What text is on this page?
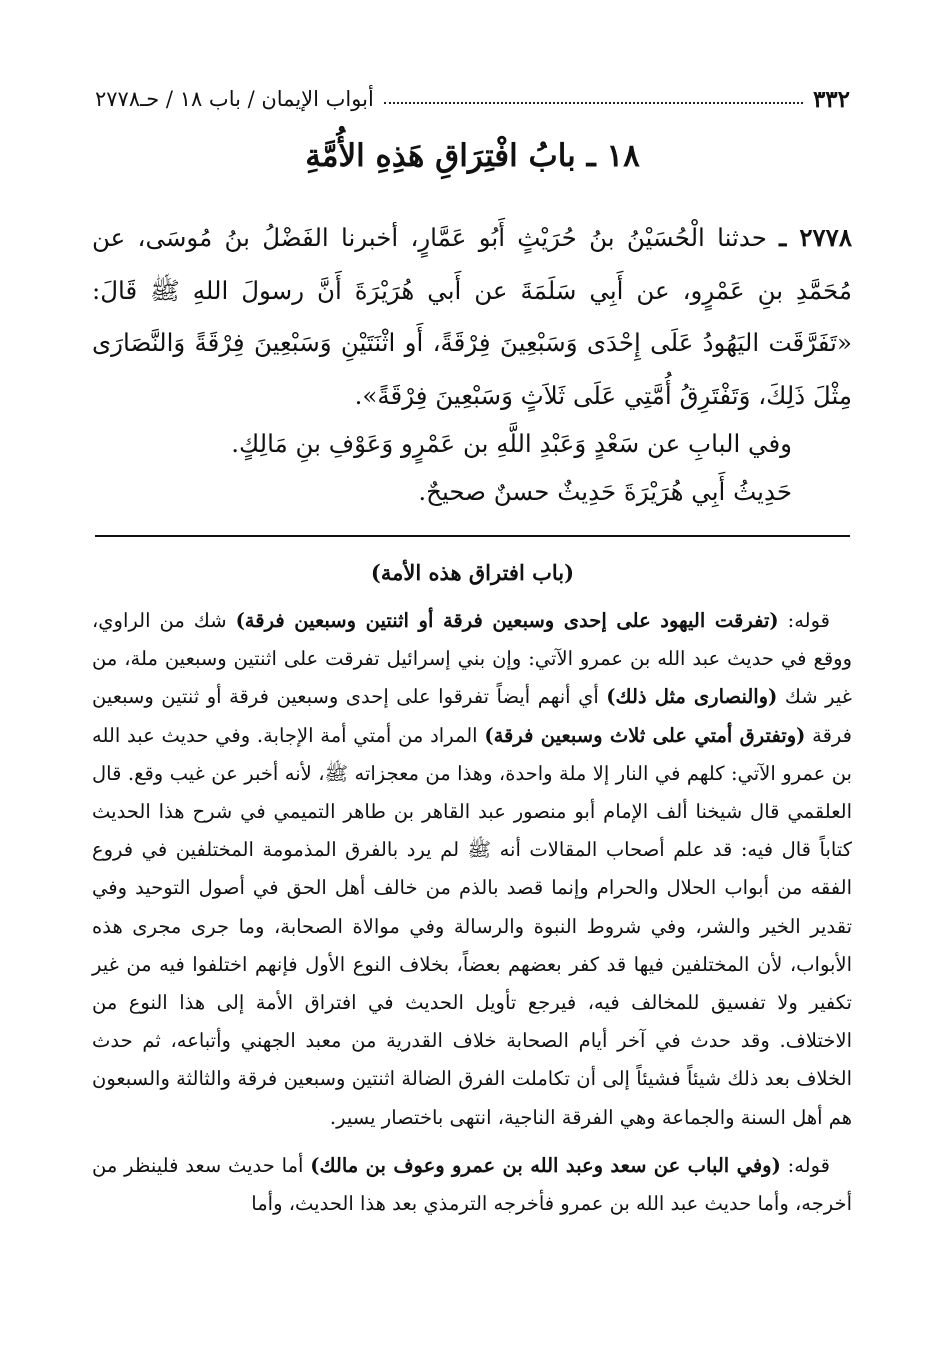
٣٣٢
أبواب الإيمان / باب ١٨ / حـ٢٧٧٨
١٨ ـ بابُ افْتِرَاقِ هَذِهِ الأُمَّةِ
٢٧٧٨ ـ حدثنا الْحُسَيْنُ بنُ حُرَيْثٍ أَبُو عَمَّارٍ، أخبرنا الفَضْلُ بنُ مُوسَى، عن مُحَمَّدِ بنِ عَمْرٍو، عن أَبِي سَلَمَةَ عن أَبي هُرَيْرَةَ أَنَّ رسولَ اللهِ ﷺ قَالَ: «تَفَرَّقَت اليَهُودُ عَلَى إِحْدَى وَسَبْعِينَ فِرْقَةً، أَو اثْنَتَيْنِ وَسَبْعِينَ فِرْقَةً وَالنَّصَارَى مِثْلَ ذَلِكَ، وَتَفْتَرِقُ أُمَّتِي عَلَى ثَلاَثٍ وَسَبْعِينَ فِرْقَةً».
وفي البابِ عن سَعْدٍ وَعَبْدِ اللَّهِ بن عَمْرٍو وَعَوْفِ بنِ مَالِكٍ.
حَدِيثُ أَبِي هُرَيْرَةَ حَدِيثٌ حسنٌ صحيحٌ.
(باب افتراق هذه الأمة)

قوله: (تفرقت اليهود على إحدى وسبعين فرقة أو اثنتين وسبعين فرقة) شك من الراوي، ووقع في حديث عبد الله بن عمرو الآتي: وإن بني إسرائيل تفرقت على اثنتين وسبعين ملة، من غير شك (والنصارى مثل ذلك) أي أنهم أيضاً تفرقوا على إحدى وسبعين فرقة أو ثنتين وسبعين فرقة (وتفترق أمتي على ثلاث وسبعين فرقة) المراد من أمتي أمة الإجابة. وفي حديث عبد الله بن عمرو الآتي: كلهم في النار إلا ملة واحدة، وهذا من معجزاته ﷺ، لأنه أخبر عن غيب وقع. قال العلقمي قال شيخنا ألف الإمام أبو منصور عبد القاهر بن طاهر التميمي في شرح هذا الحديث كتاباً قال فيه: قد علم أصحاب المقالات أنه ﷺ لم يرد بالفرق المذمومة المختلفين في فروع الفقه من أبواب الحلال والحرام وإنما قصد بالذم من خالف أهل الحق في أصول التوحيد وفي تقدير الخير والشر، وفي شروط النبوة والرسالة وفي موالاة الصحابة، وما جرى مجرى هذه الأبواب، لأن المختلفين فيها قد كفر بعضهم بعضاً، بخلاف النوع الأول فإنهم اختلفوا فيه من غير تكفير ولا تفسيق للمخالف فيه، فيرجع تأويل الحديث في افتراق الأمة إلى هذا النوع من الاختلاف. وقد حدث في آخر أيام الصحابة خلاف القدرية من معبد الجهني وأتباعه، ثم حدث الخلاف بعد ذلك شيئاً فشيئاً إلى أن تكاملت الفرق الضالة اثنتين وسبعين فرقة والثالثة والسبعون هم أهل السنة والجماعة وهي الفرقة الناجية، انتهى باختصار يسير.

قوله: (وفي الباب عن سعد وعبد الله بن عمرو وعوف بن مالك) أما حديث سعد فلينظر من أخرجه، وأما حديث عبد الله بن عمرو فأخرجه الترمذي بعد هذا الحديث، وأما
